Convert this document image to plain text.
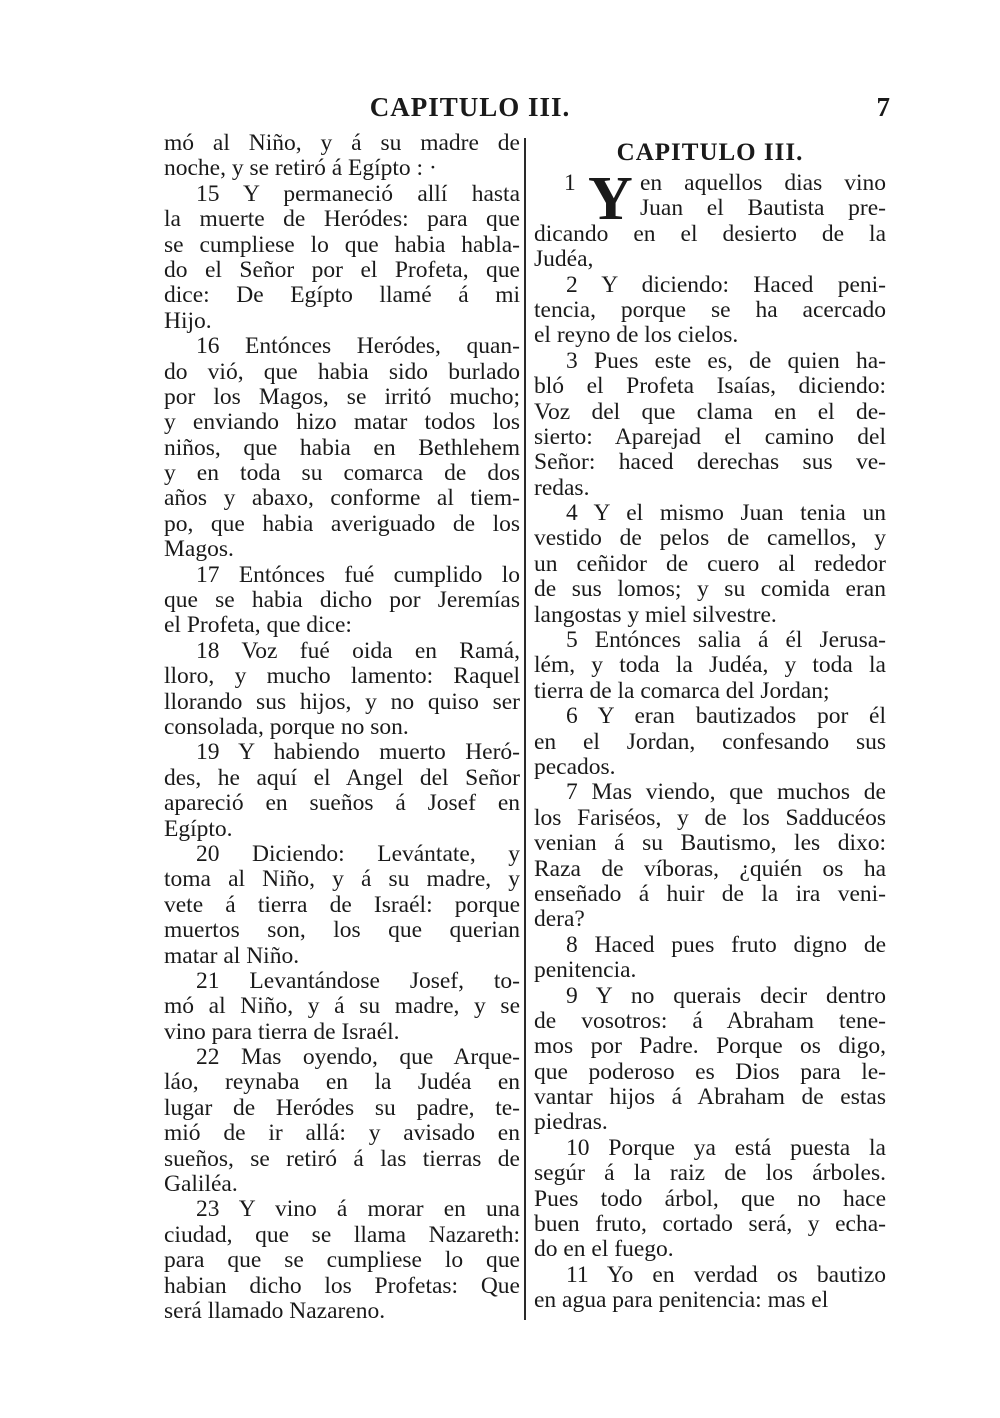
CAPITULO III.	7
mó al Niño, y á su madre de
noche, y se retiró á Egípto : ·
15 Y permaneció allí hasta
la muerte de Heródes: para que
se cumpliese lo que habia habla-
do el Señor por el Profeta, que
dice: De Egípto llamé á mi
Hijo.
16 Entónces Heródes, quan-
do vió, que habia sido burlado
por los Magos, se irritó mucho;
y enviando hizo matar todos los
niños, que habia en Bethlehem
y en toda su comarca de dos
años y abaxo, conforme al tiem-
po, que habia averiguado de los
Magos.
17 Entónces fué cumplido lo
que se habia dicho por Jeremías
el Profeta, que dice:
18 Voz fué oida en Ramá,
lloro, y mucho lamento: Raquel
llorando sus hijos, y no quiso ser
consolada, porque no son.
19 Y habiendo muerto Heró-
des, he aquí el Angel del Señor
apareció en sueños á Josef en
Egípto.
20 Diciendo: Levántate, y
toma al Niño, y á su madre, y
vete á tierra de Israél: porque
muertos son, los que querian
matar al Niño.
21 Levantándose Josef, to-
mó al Niño, y á su madre, y se
vino para tierra de Israél.
22 Mas oyendo, que Arque-
láo, reynaba en la Judéa en
lugar de Heródes su padre, te-
mió de ir allá: y avisado en
sueños, se retiró á las tierras de
Galiléa.
23 Y vino á morar en una
ciudad, que se llama Nazareth:
para que se cumpliese lo que
habian dicho los Profetas: Que
será llamado Nazareno.
CAPITULO III.
1 Y en aquellos dias vino
Juan el Bautista pre-
dicando en el desierto de la
Judéa,
2 Y diciendo: Haced peni-
tencia, porque se ha acercado
el reyno de los cielos.
3 Pues este es, de quien ha-
bló el Profeta Isaías, diciendo:
Voz del que clama en el de-
sierto: Aparejad el camino del
Señor: haced derechas sus ve-
redas.
4 Y el mismo Juan tenia un
vestido de pelos de camellos, y
un ceñidor de cuero al rededor
de sus lomos; y su comida eran
langostas y miel silvestre.
5 Entónces salia á él Jerusa-
lém, y toda la Judéa, y toda la
tierra de la comarca del Jordan;
6 Y eran bautizados por él
en el Jordan, confesando sus
pecados.
7 Mas viendo, que muchos de
los Fariséos, y de los Sadducéos
venian á su Bautismo, les dixo:
Raza de víboras, ¿quién os ha
enseñado á huir de la ira veni-
dera?
8 Haced pues fruto digno de
penitencia.
9 Y no querais decir dentro
de vosotros: á Abraham tene-
mos por Padre. Porque os digo,
que poderoso es Dios para le-
vantar hijos á Abraham de estas
piedras.
10 Porque ya está puesta la
segúr á la raiz de los árboles.
Pues todo árbol, que no hace
buen fruto, cortado será, y echa-
do en el fuego.
11 Yo en verdad os bautizo
en agua para penitencia: mas el
